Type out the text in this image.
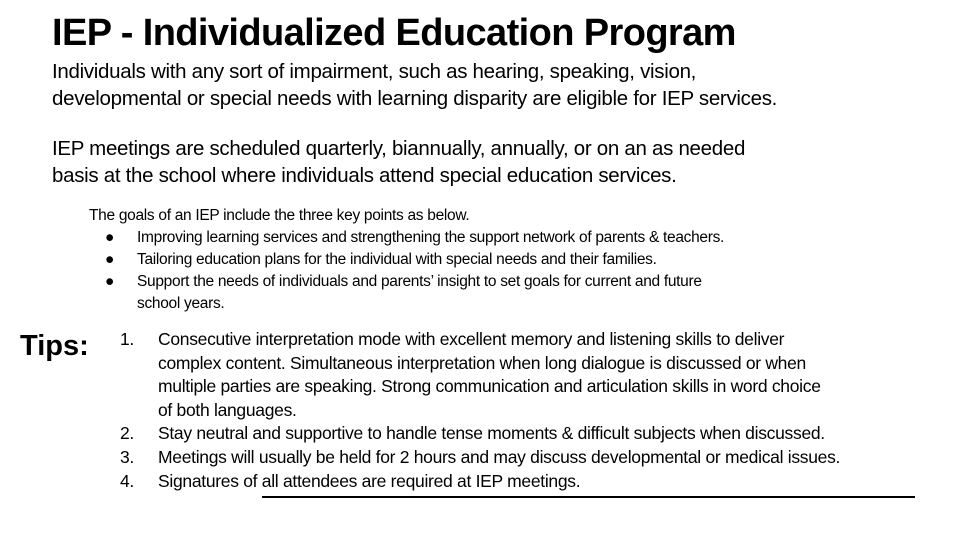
IEP - Individualized Education Program
Individuals with any sort of impairment, such as hearing, speaking, vision,
developmental or special needs with learning disparity are eligible for IEP services.
IEP meetings are scheduled quarterly, biannually, annually, or on an as needed
basis at the school where individuals attend special education services.
The goals of an IEP include the three key points as below.
● Improving learning services and strengthening the support network of parents & teachers.
● Tailoring education plans for the individual with special needs and their families.
● Support the needs of individuals and parents’ insight to set goals for current and future
school years.
Tips: 1. Consecutive interpretation mode with excellent memory and listening skills to deliver
complex content. Simultaneous interpretation when long dialogue is discussed or when
multiple parties are speaking. Strong communication and articulation skills in word choice
of both languages.
2. Stay neutral and supportive to handle tense moments & difficult subjects when discussed.
3. Meetings will usually be held for 2 hours and may discuss developmental or medical issues.
4. Signatures of all attendees are required at IEP meetings.
